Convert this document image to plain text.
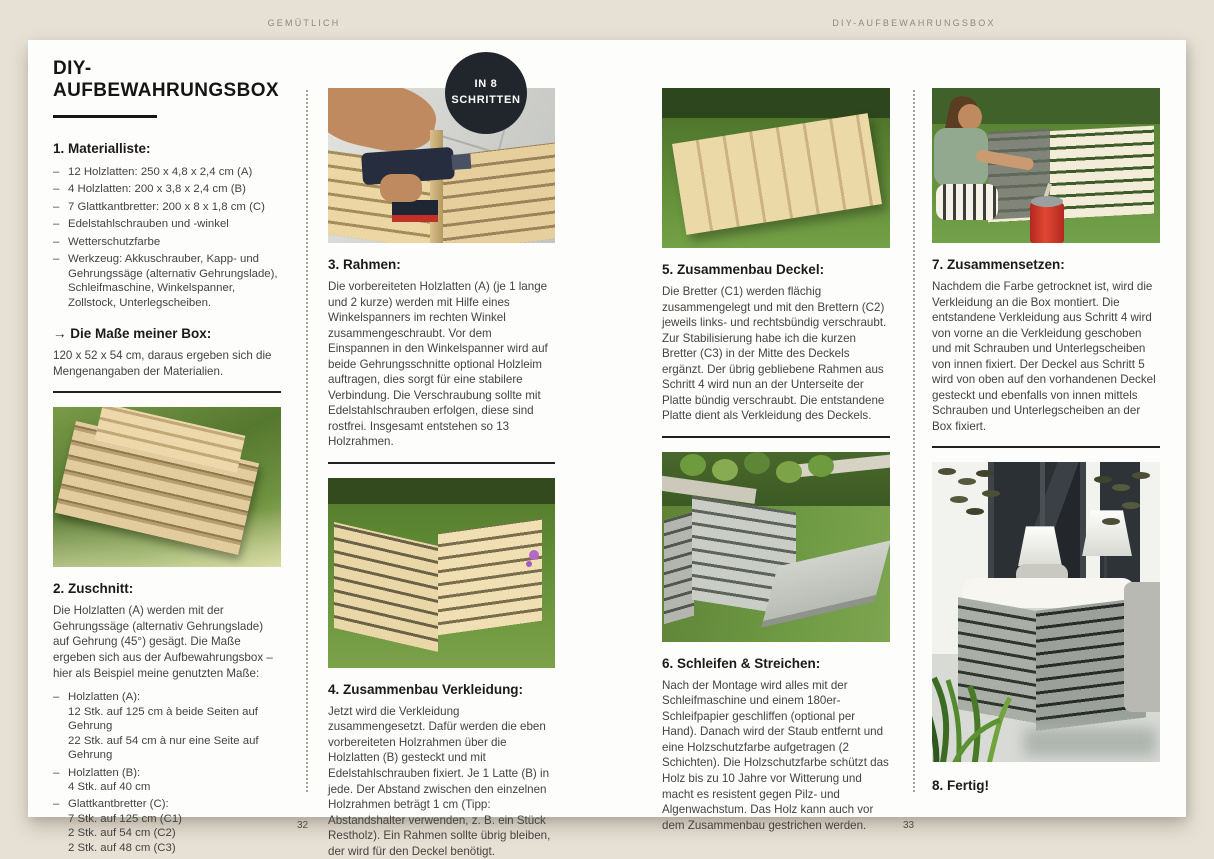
GEMÜTLICH	DIY-AUFBEWAHRUNGSBOX
32	33
IN 8
SCHRITTEN
DIY-AUFBEWAHRUNGSBOX
1. Materialliste:
– 12 Holzlatten: 250 x 4,8 x 2,4 cm (A)
– 4 Holzlatten: 200 x 3,8 x 2,4 cm (B)
– 7 Glattkantbretter: 200 x 8 x 1,8 cm (C)
– Edelstahlschrauben und -winkel
– Wetterschutzfarbe
– Werkzeug: Akkuschrauber, Kapp- und Gehrungssäge (alternativ Gehrungslade), Schleifmaschine, Winkelspanner, Zollstock, Unterlegscheiben.
→ Die Maße meiner Box:

120 x 52 x 54 cm, daraus ergeben sich die Mengenangaben der Materialien.

2. Zuschnitt:

Die Holzlatten (A) werden mit der Gehrungssäge (alternativ Gehrungslade) auf Gehrung (45°) gesägt. Die Maße ergeben sich aus der Aufbewahrungsbox – hier als Beispiel meine genutzten Maße:

– Holzlatten (A):
12 Stk. auf 125 cm à beide Seiten auf Gehrung
22 Stk. auf 54 cm à nur eine Seite auf Gehrung
– Holzlatten (B):
4 Stk. auf 40 cm
– Glattkantbretter (C):
7 Stk. auf 125 cm (C1)
2 Stk. auf 54 cm (C2)
2 Stk. auf 48 cm (C3)
3. Rahmen:

Die vorbereiteten Holzlatten (A) (je 1 lange und 2 kurze) werden mit Hilfe eines Winkelspanners im rechten Winkel zusammengeschraubt. Vor dem Einspannen in den Winkelspanner wird auf beide Gehrungsschnitte optional Holzleim auftragen, dies sorgt für eine stabilere Verbindung. Die Verschraubung sollte mit Edelstahlschrauben erfolgen, diese sind rostfrei. Insgesamt entstehen so 13 Holzrahmen.

4. Zusammenbau Verkleidung:

Jetzt wird die Verkleidung zusammengesetzt. Dafür werden die eben vorbereiteten Holzrahmen über die Holzlatten (B) gesteckt und mit Edelstahlschrauben fixiert. Je 1 Latte (B) in jede. Der Abstand zwischen den einzelnen Holzrahmen beträgt 1 cm (Tipp: Abstandshalter verwenden, z. B. ein Stück Restholz). Ein Rahmen sollte übrig bleiben, der wird für den Deckel benötigt.

5. Zusammenbau Deckel:

Die Bretter (C1) werden flächig zusammengelegt und mit den Brettern (C2) jeweils links- und rechtsbündig verschraubt. Zur Stabilisierung habe ich die kurzen Bretter (C3) in der Mitte des Deckels ergänzt. Der übrig gebliebene Rahmen aus Schritt 4 wird nun an der Unterseite der Platte bündig verschraubt. Die entstandene Platte dient als Verkleidung des Deckels.

6. Schleifen & Streichen:

Nach der Montage wird alles mit der Schleifmaschine und einem 180er-Schleifpapier geschliffen (optional per Hand). Danach wird der Staub entfernt und eine Holzschutzfarbe aufgetragen (2 Schichten). Die Holzschutzfarbe schützt das Holz bis zu 10 Jahre vor Witterung und macht es resistent gegen Pilz- und Algenwachstum. Das Holz kann auch vor dem Zusammenbau gestrichen werden.

7. Zusammensetzen:

Nachdem die Farbe getrocknet ist, wird die Verkleidung an die Box montiert. Die entstandene Verkleidung aus Schritt 4 wird von vorne an die Verkleidung geschoben und mit Schrauben und Unterlegscheiben von innen fixiert. Der Deckel aus Schritt 5 wird von oben auf den vorhandenen Deckel gesteckt und ebenfalls von innen mittels Schrauben und Unterlegscheiben an der Box fixiert.

8. Fertig!
